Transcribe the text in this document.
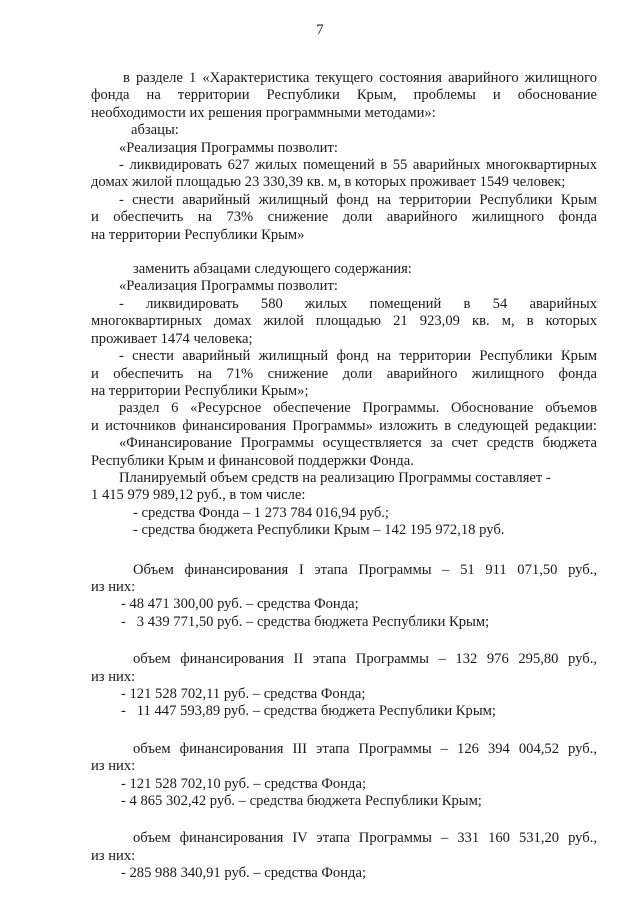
7

в разделе 1 «Характеристика текущего состояния аварийного жилищного

фонда на территории Республики Крым, проблемы и обоснование

необходимости их решения программными методами»:

абзацы:

«Реализация Программы позволит:

- ликвидировать 627 жилых помещений в 55 аварийных многоквартирных

домах жилой площадью 23 330,39 кв. м, в которых проживает 1549 человек;

- снести аварийный жилищный фонд на территории Республики Крым

и обеспечить на 73% снижение доли аварийного жилищного фонда

на территории Республики Крым»

заменить абзацами следующего содержания:

«Реализация Программы позволит:

- ликвидировать 580 жилых помещений в 54 аварийных

многоквартирных домах жилой площадью 21 923,09 кв. м, в которых

проживает 1474 человека;

- снести аварийный жилищный фонд на территории Республики Крым

и обеспечить на 71% снижение доли аварийного жилищного фонда

на территории Республики Крым»;

раздел 6 «Ресурсное обеспечение Программы. Обоснование объемов

и источников финансирования Программы» изложить в следующей редакции:

«Финансирование Программы осуществляется за счет средств бюджета

Республики Крым и финансовой поддержки Фонда.

Планируемый объем средств на реализацию Программы составляет -

1 415 979 989,12 руб., в том числе:

- средства Фонда – 1 273 784 016,94 руб.;

- средства бюджета Республики Крым – 142 195 972,18 руб.

Объем финансирования I этапа Программы – 51 911 071,50 руб.,

из них:

- 48 471 300,00 руб. – средства Фонда;

-   3 439 771,50 руб. – средства бюджета Республики Крым;

объем финансирования II этапа Программы – 132 976 295,80 руб.,

из них:

- 121 528 702,11 руб. – средства Фонда;

-   11 447 593,89 руб. – средства бюджета Республики Крым;

объем финансирования III этапа Программы – 126 394 004,52 руб.,

из них:

- 121 528 702,10 руб. – средства Фонда;

- 4 865 302,42 руб. – средства бюджета Республики Крым;

объем финансирования IV этапа Программы – 331 160 531,20 руб.,

из них:

- 285 988 340,91 руб. – средства Фонда;
